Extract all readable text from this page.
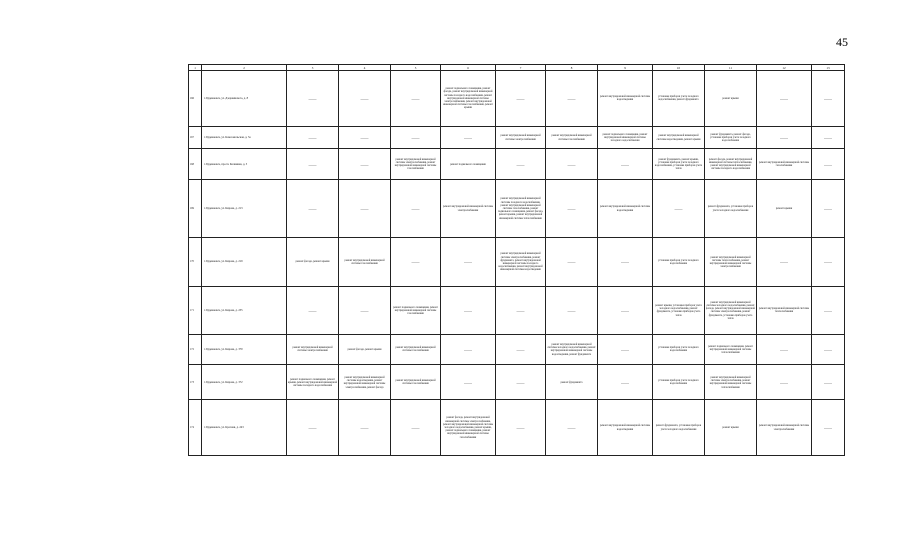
45
1	2	3	4	5	6	7	8	9	10	11	12	13
166	г. Буденновск, ул. Дзержинского, д. 8	——	——	——	ремонт подвального помещения, ремонт фасада, ремонт внутридомовой инженерной системы холодного водоснабжения, ремонт внутридомовой инженерной системы электроснабжения, ремонт внутридомовой инженерной системы газоснабжения, ремонт крыши	——	——	ремонт внутридомовой инженерной системы водоотведения	установка приборов учета холодного водоснабжения, ремонт фундамента	ремонт крыши	——	——
167	г. Буденновск, ул. Комсомольская, д. 5а	——	——	——	——	ремонт внутридомовой инженерной системы электроснабжения	ремонт внутридомовой инженерной системы газоснабжения	ремонт подвального помещения, ремонт внутридомовой инженерной системы холодного водоснабжения	ремонт внутридомовой инженерной системы водоотведения, ремонт крыши	ремонт фундамента, ремонт фасада, установка приборов учета холодного водоснабжения	——	——
168	г. Буденновск, просп. Калинина, д. 3	——	——	ремонт внутридомовой инженерной системы электроснабжения, ремонт внутридомовой инженерной системы газоснабжения	ремонт подвального помещения	——	——	——	ремонт фундамента, ремонт крыши, установка приборов учета холодного водоснабжения, установка приборов учета тепла	ремонт фасада, ремонт внутридомовой инженерной системы теплоснабжения, ремонт внутридомовой инженерной системы холодного водоснабжения	ремонт внутридомовой инженерной системы газоснабжения	——
169	г. Буденновск, ул. Кирова, д. 213	——	——	——	ремонт внутридомовой инженерной системы электроснабжения	ремонт внутридомовой инженерной системы холодного водоснабжения, ремонт внутридомовой инженерной системы газоснабжения, ремонт подвального помещения, ремонт фасада, ремонт крыши, ремонт внутридомовой инженерной системы теплоснабжения	——	ремонт внутридомовой инженерной системы водоотведения	——	ремонт фундамента, установка приборов учета холодного водоснабжения	ремонт крыши	——
170	г. Буденновск, ул. Кирова, д. 219	ремонт фасада, ремонт крыши	ремонт внутридомовой инженерной системы газоснабжения	——	——	ремонт внутридомовой инженерной системы электроснабжения, ремонт фундамента, ремонт внутридомовой инженерной системы холодного водоснабжения, ремонт внутридомовой инженерной системы водоотведения	——	——	установка приборов учета холодного водоснабжения	ремонт внутридомовой инженерной системы теплоснабжения, ремонт внутридомовой инженерной системы электроснабжения	——	——
171	г. Буденновск, ул. Кирова, д. 235	——	——	ремонт подвального помещения, ремонт внутридомовой инженерной системы газоснабжения	——	——	——	——	ремонт крыши, установка приборов учета холодного водоснабжения, ремонт фундамента, установка приборов учета тепла	ремонт внутридомовой инженерной системы холодного водоснабжения, ремонт фасада, ремонт внутридомовой инженерной системы электроснабжения, ремонт фундамента, установка приборов учета тепла	ремонт внутридомовой инженерной системы теплоснабжения	——
172	г. Буденновск, ул. Кирова, д. 370	ремонт внутридомовой инженерной системы электроснабжения	ремонт фасада, ремонт крыши	ремонт внутридомовой инженерной системы газоснабжения	——	——	ремонт внутридомовой инженерной системы холодного водоснабжения, ремонт внутридомовой инженерной системы водоотведения, ремонт фундамента	——	установка приборов учета холодного водоснабжения	ремонт подвального помещения, ремонт внутридомовой инженерной системы теплоснабжения	——	——
173	г. Буденновск, ул. Кирова, д. 372	ремонт подвального помещения, ремонт крыши, ремонт внутридомовой инженерной системы холодного водоснабжения	ремонт внутридомовой инженерной системы водоотведения, ремонт внутридомовой инженерной системы электроснабжения, ремонт фасада	ремонт внутридомовой инженерной системы газоснабжения	——	——	ремонт фундамента	——	установка приборов учета холодного водоснабжения	ремонт внутридомовой инженерной системы электроснабжения, ремонт внутридомовой инженерной системы теплоснабжения	——	——
174	г. Буденновск, ул. Красная, д. 243	——	——	——	ремонт фасада, ремонт внутридомовой инженерной системы электроснабжения, ремонт внутридомовой инженерной системы холодного водоснабжения, ремонт крыши, ремонт подвального помещения, ремонт внутридомовой инженерной системы газоснабжения	——	——	ремонт внутридомовой инженерной системы водоотведения	ремонт фундамента, установка приборов учета холодного водоснабжения	ремонт крыши	ремонт внутридомовой инженерной системы электроснабжения	——
